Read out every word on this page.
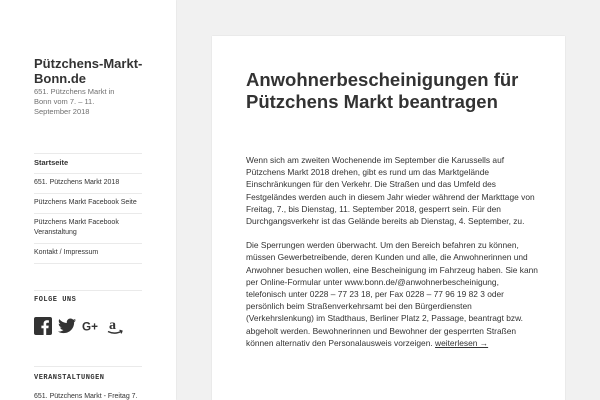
Pützchens-Markt-Bonn.de
651. Pützchens Markt in Bonn vom 7. – 11. September 2018
Startseite
651. Pützchens Markt 2018
Pützchens Markt Facebook Seite
Pützchens Markt Facebook Veranstaltung
Kontakt / Impressum
FOLGE UNS
G+ a
VERANSTALTUNGEN
651. Pützchens Markt - Freitag 7.
Anwohnerbescheinigungen für Pützchens Markt beantragen

Wenn sich am zweiten Wochenende im September die Karussells auf Pützchens Markt 2018 drehen, gibt es rund um das Marktgelände Einschränkungen für den Verkehr. Die Straßen und das Umfeld des Festgeländes werden auch in diesem Jahr wieder während der Markttage von Freitag, 7., bis Dienstag, 11. September 2018, gesperrt sein. Für den Durchgangsverkehr ist das Gelände bereits ab Dienstag, 4. September, zu.

Die Sperrungen werden überwacht. Um den Bereich befahren zu können, müssen Gewerbetreibende, deren Kunden und alle, die Anwohnerinnen und Anwohner besuchen wollen, eine Bescheinigung im Fahrzeug haben. Sie kann per Online-Formular unter www.bonn.de/@anwohnerbescheinigung, telefonisch unter 0228 – 77 23 18, per Fax 0228 – 77 96 19 82 3 oder persönlich beim Straßenverkehrsamt bei den Bürgerdiensten (Verkehrslenkung) im Stadthaus, Berliner Platz 2, Passage, beantragt bzw. abgeholt werden. Bewohnerinnen und Bewohner der gesperrten Straßen können alternativ den Personalausweis vorzeigen. weiterlesen →
